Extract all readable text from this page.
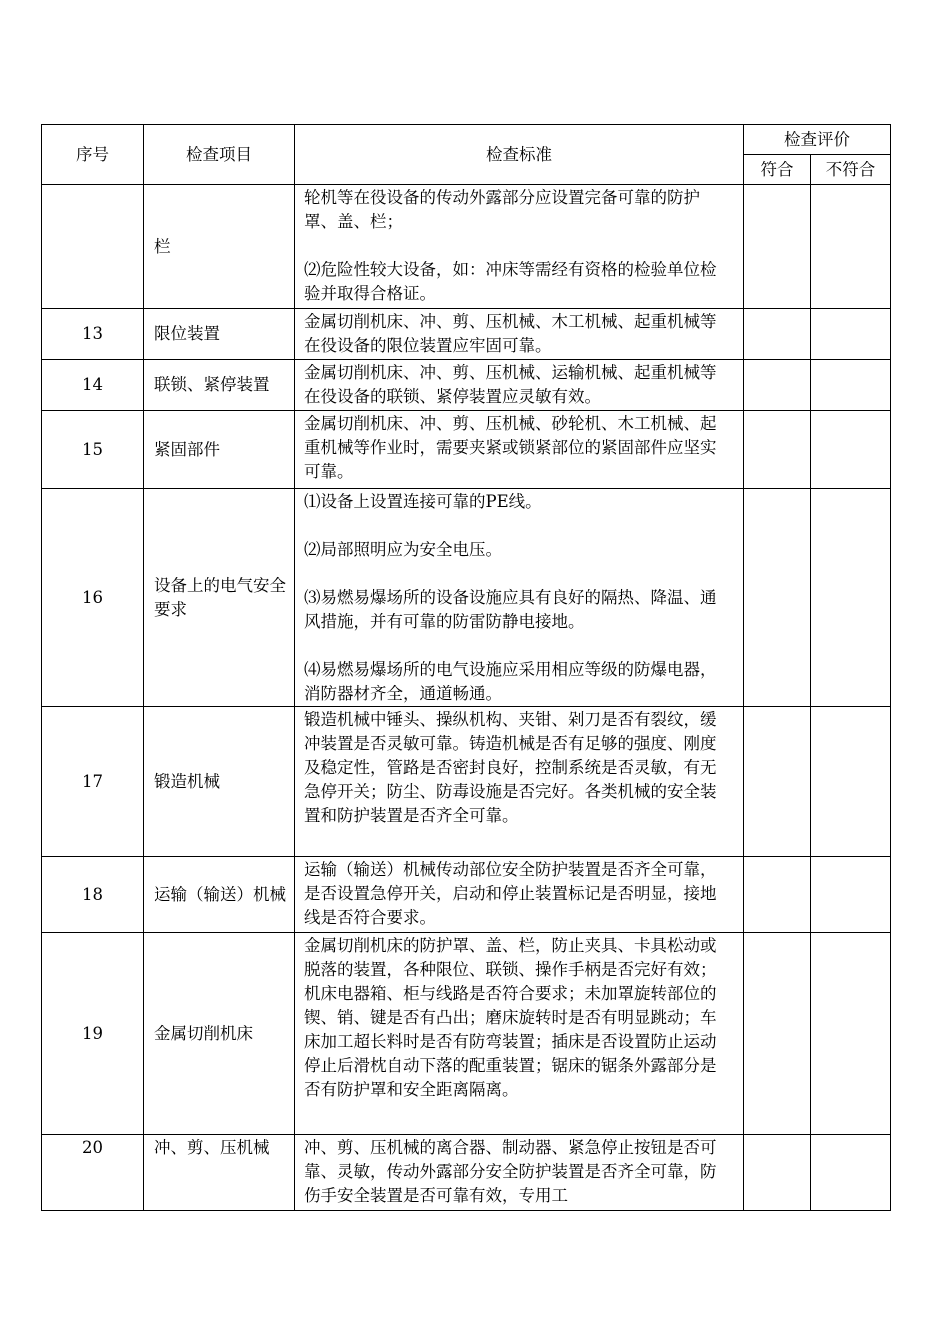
序号	检查项目	检查标准	检查评价	
			符合	不符合
	栏	轮机等在役设备的传动外露部分应设置完备可靠的防护罩、盖、栏；

⑵危险性较大设备，如：冲床等需经有资格的检验单位检验并取得合格证。		

13	限位装置	金属切削机床、冲、剪、压机械、木工机械、起重机械等在役设备的限位装置应牢固可靠。		

14	联锁、紧停装置	金属切削机床、冲、剪、压机械、运输机械、起重机械等在役设备的联锁、紧停装置应灵敏有效。		

15	紧固部件	金属切削机床、冲、剪、压机械、砂轮机、木工机械、起重机械等作业时，需要夹紧或锁紧部位的紧固部件应坚实可靠。		

16	设备上的电气安全要求	⑴设备上设置连接可靠的PE线。

⑵局部照明应为安全电压。

⑶易燃易爆场所的设备设施应具有良好的隔热、降温、通风措施，并有可靠的防雷防静电接地。

⑷易燃易爆场所的电气设施应采用相应等级的防爆电器，消防器材齐全，通道畅通。		

17	锻造机械	锻造机械中锤头、操纵机构、夹钳、剁刀是否有裂纹，缓冲装置是否灵敏可靠。铸造机械是否有足够的强度、刚度及稳定性，管路是否密封良好，控制系统是否灵敏，有无急停开关；防尘、防毒设施是否完好。各类机械的安全装置和防护装置是否齐全可靠。		

18	运输（输送）机械	运输（输送）机械传动部位安全防护装置是否齐全可靠，是否设置急停开关，启动和停止装置标记是否明显，接地线是否符合要求。		

19	金属切削机床	金属切削机床的防护罩、盖、栏，防止夹具、卡具松动或脱落的装置，各种限位、联锁、操作手柄是否完好有效；机床电器箱、柜与线路是否符合要求；未加罩旋转部位的锲、销、键是否有凸出；磨床旋转时是否有明显跳动；车床加工超长料时是否有防弯装置；插床是否设置防止运动停止后滑枕自动下落的配重装置；锯床的锯条外露部分是否有防护罩和安全距离隔离。		

20	冲、剪、压机械	冲、剪、压机械的离合器、制动器、紧急停止按钮是否可靠、灵敏，传动外露部分安全防护装置是否齐全可靠，防伤手安全装置是否可靠有效，专用工		
